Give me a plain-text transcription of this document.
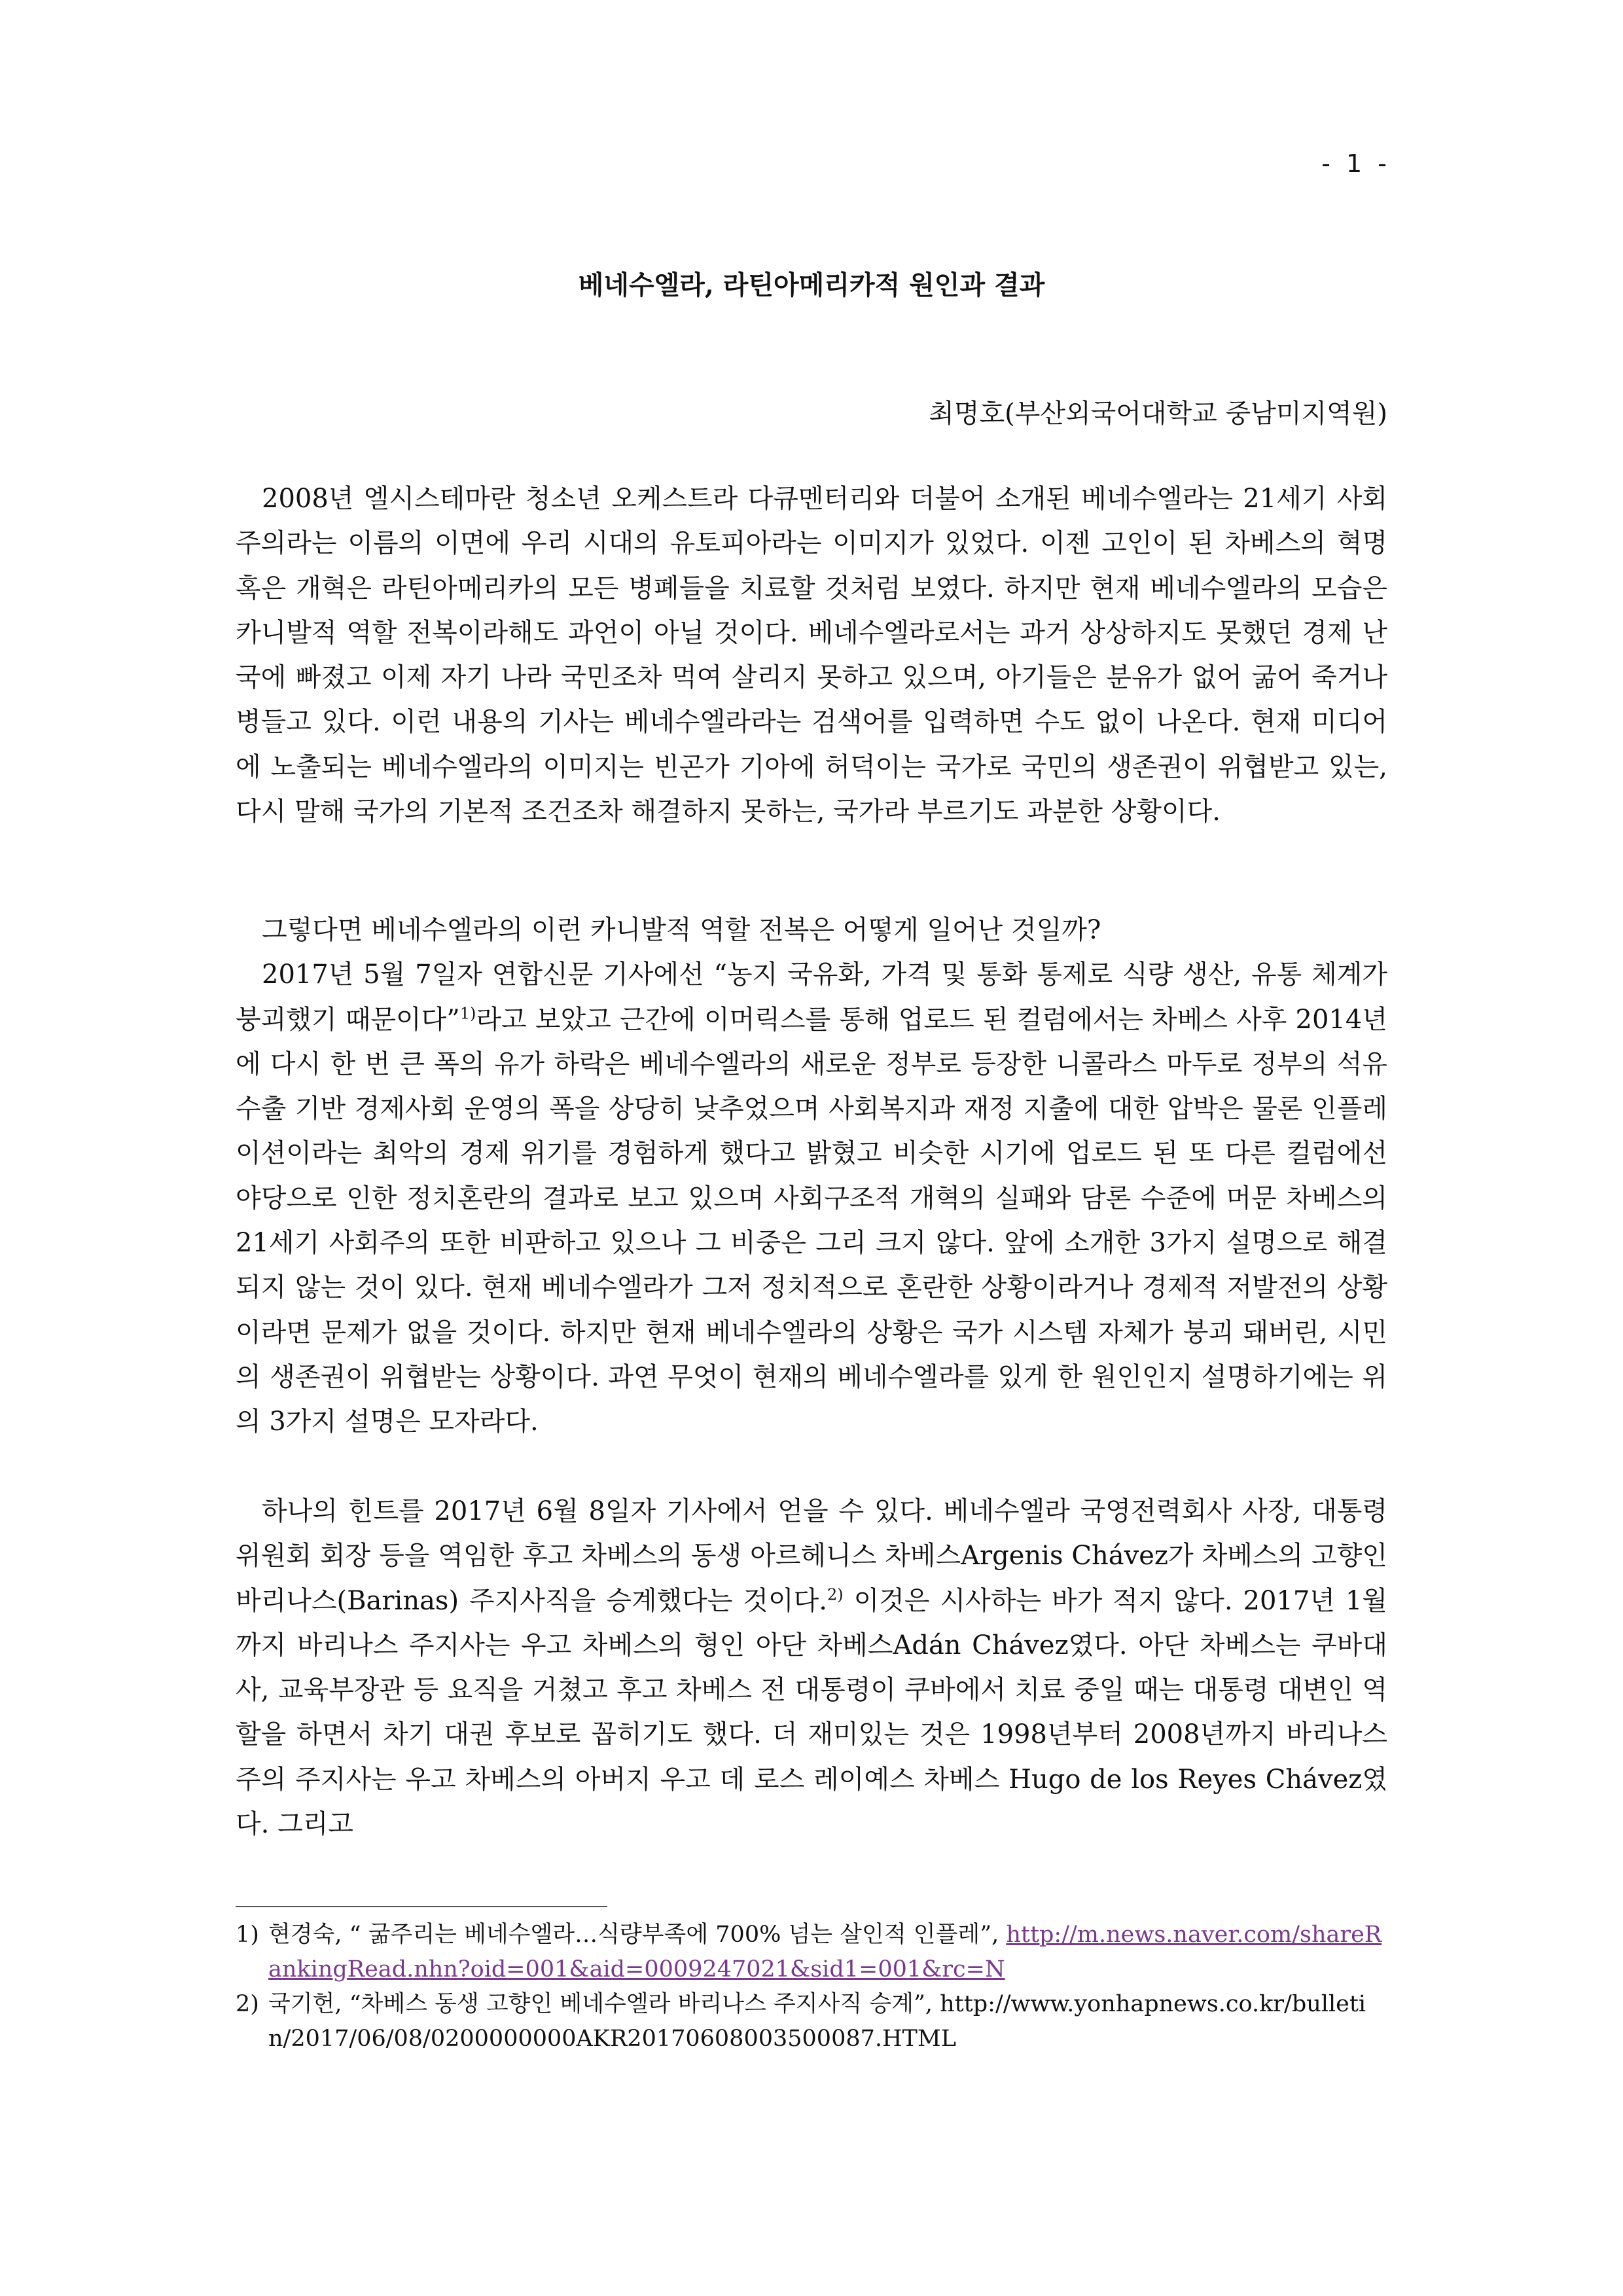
- 1 -
베네수엘라, 라틴아메리카적 원인과 결과
최명호(부산외국어대학교 중남미지역원)

2008년 엘시스테마란 청소년 오케스트라 다큐멘터리와 더불어 소개된 베네수엘라는 21세기 사회주의라는 이름의 이면에 우리 시대의 유토피아라는 이미지가 있었다. 이젠 고인이 된 차베스의 혁명 혹은 개혁은 라틴아메리카의 모든 병폐들을 치료할 것처럼 보였다. 하지만 현재 베네수엘라의 모습은 카니발적 역할 전복이라해도 과언이 아닐 것이다. 베네수엘라로서는 과거 상상하지도 못했던 경제 난국에 빠졌고 이제 자기 나라 국민조차 먹여 살리지 못하고 있으며, 아기들은 분유가 없어 굶어 죽거나 병들고 있다. 이런 내용의 기사는 베네수엘라라는 검색어를 입력하면 수도 없이 나온다. 현재 미디어에 노출되는 베네수엘라의 이미지는 빈곤가 기아에 허덕이는 국가로 국민의 생존권이 위협받고 있는, 다시 말해 국가의 기본적 조건조차 해결하지 못하는, 국가라 부르기도 과분한 상황이다.

그렇다면 베네수엘라의 이런 카니발적 역할 전복은 어떻게 일어난 것일까?

2017년 5월 7일자 연합신문 기사에선 “농지 국유화, 가격 및 통화 통제로 식량 생산, 유통 체계가 붕괴했기 때문이다”$^{1)}$라고 보았고 근간에 이머릭스를 통해 업로드 된 컬럼에서는 차베스 사후 2014년에 다시 한 번 큰 폭의 유가 하락은 베네수엘라의 새로운 정부로 등장한 니콜라스 마두로 정부의 석유 수출 기반 경제사회 운영의 폭을 상당히 낮추었으며 사회복지과 재정 지출에 대한 압박은 물론 인플레이션이라는 최악의 경제 위기를 경험하게 했다고 밝혔고 비슷한 시기에 업로드 된 또 다른 컬럼에선 야당으로 인한 정치혼란의 결과로 보고 있으며 사회구조적 개혁의 실패와 담론 수준에 머문 차베스의 21세기 사회주의 또한 비판하고 있으나 그 비중은 그리 크지 않다. 앞에 소개한 3가지 설명으로 해결되지 않는 것이 있다. 현재 베네수엘라가 그저 정치적으로 혼란한 상황이라거나 경제적 저발전의 상황이라면 문제가 없을 것이다. 하지만 현재 베네수엘라의 상황은 국가 시스템 자체가 붕괴 돼버린, 시민의 생존권이 위협받는 상황이다. 과연 무엇이 현재의 베네수엘라를 있게 한 원인인지 설명하기에는 위의 3가지 설명은 모자라다.

하나의 힌트를 2017년 6월 8일자 기사에서 얻을 수 있다. 베네수엘라 국영전력회사 사장, 대통령 위원회 회장 등을 역임한 후고 차베스의 동생 아르헤니스 차베스Argenis Chávez가 차베스의 고향인 바리나스(Barinas) 주지사직을 승계했다는 것이다.$^{2)}$ 이것은 시사하는 바가 적지 않다. 2017년 1월까지 바리나스 주지사는 우고 차베스의 형인 아단 차베스Adán Chávez였다. 아단 차베스는 쿠바대사, 교육부장관 등 요직을 거쳤고 후고 차베스 전 대통령이 쿠바에서 치료 중일 때는 대통령 대변인 역할을 하면서 차기 대권 후보로 꼽히기도 했다. 더 재미있는 것은 1998년부터 2008년까지 바리나스 주의 주지사는 우고 차베스의 아버지 우고 데 로스 레이예스 차베스 Hugo de los Reyes Chávez였다. 그리고

1) 현경숙, “ 굶주리는 베네수엘라…식량부족에 700% 넘는 살인적 인플레”, http://m.news.naver.com/shareRankingRead.nhn?oid=001&aid=0009247021&sid1=001&rc=N
2) 국기헌, “차베스 동생 고향인 베네수엘라 바리나스 주지사직 승계”, http://www.yonhapnews.co.kr/bulletin/2017/06/08/0200000000AKR20170608003500087.HTML
